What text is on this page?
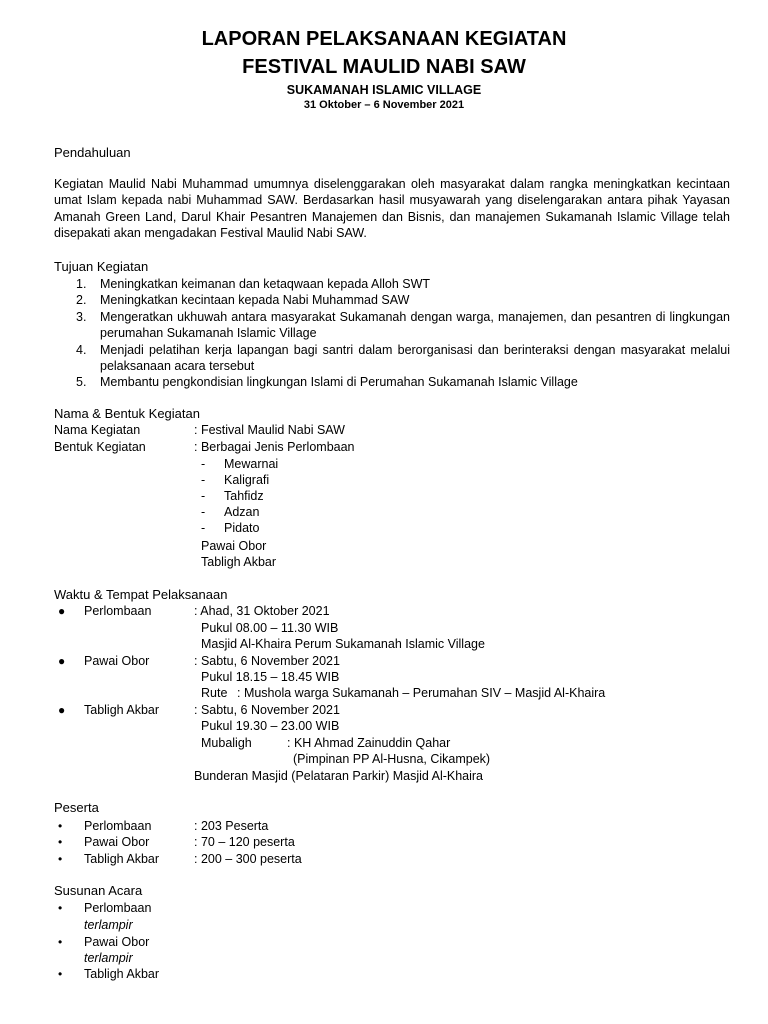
LAPORAN PELAKSANAAN KEGIATAN
FESTIVAL MAULID NABI SAW
SUKAMANAH ISLAMIC VILLAGE
31 Oktober – 6 November 2021
Pendahuluan
Kegiatan Maulid Nabi Muhammad umumnya diselenggarakan oleh masyarakat dalam rangka meningkatkan kecintaan umat Islam kepada nabi Muhammad SAW. Berdasarkan hasil musyawarah yang diselengarakan antara pihak Yayasan Amanah Green Land, Darul Khair Pesantren Manajemen dan Bisnis, dan manajemen Sukamanah Islamic Village telah disepakati akan mengadakan Festival Maulid Nabi SAW.
Tujuan Kegiatan
1. Meningkatkan keimanan dan ketaqwaan kepada Alloh SWT
2. Meningkatkan kecintaan kepada Nabi Muhammad SAW
3. Mengeratkan ukhuwah antara masyarakat Sukamanah dengan warga, manajemen, dan pesantren di lingkungan perumahan Sukamanah Islamic Village
4. Menjadi pelatihan kerja lapangan bagi santri dalam berorganisasi dan berinteraksi dengan masyarakat melalui pelaksanaan acara tersebut
5. Membantu pengkondisian lingkungan Islami di Perumahan Sukamanah Islamic Village
Nama & Bentuk Kegiatan
Nama Kegiatan	: Festival Maulid Nabi SAW
Bentuk Kegiatan	: Berbagai Jenis Perlombaan
- Mewarnai
- Kaligrafi
- Tahfidz
- Adzan
- Pidato
Pawai Obor
Tabligh Akbar
Waktu & Tempat Pelaksanaan
● Perlombaan	: Ahad, 31 Oktober 2021
Pukul 08.00 – 11.30 WIB
Masjid Al-Khaira Perum Sukamanah Islamic Village
● Pawai Obor	: Sabtu, 6 November 2021
Pukul 18.15 – 18.45 WIB
Rute : Mushola warga Sukamanah – Perumahan SIV – Masjid Al-Khaira
● Tabligh Akbar	: Sabtu, 6 November 2021
Pukul 19.30 – 23.00 WIB
Mubaligh	: KH Ahmad Zainuddin Qahar
(Pimpinan PP Al-Husna, Cikampek)
Bunderan Masjid (Pelataran Parkir) Masjid Al-Khaira
Peserta
• Perlombaan	: 203 Peserta
• Pawai Obor	: 70 – 120 peserta
• Tabligh Akbar	: 200 – 300 peserta
Susunan Acara
• Perlombaan
terlampir
• Pawai Obor
terlampir
• Tabligh Akbar
